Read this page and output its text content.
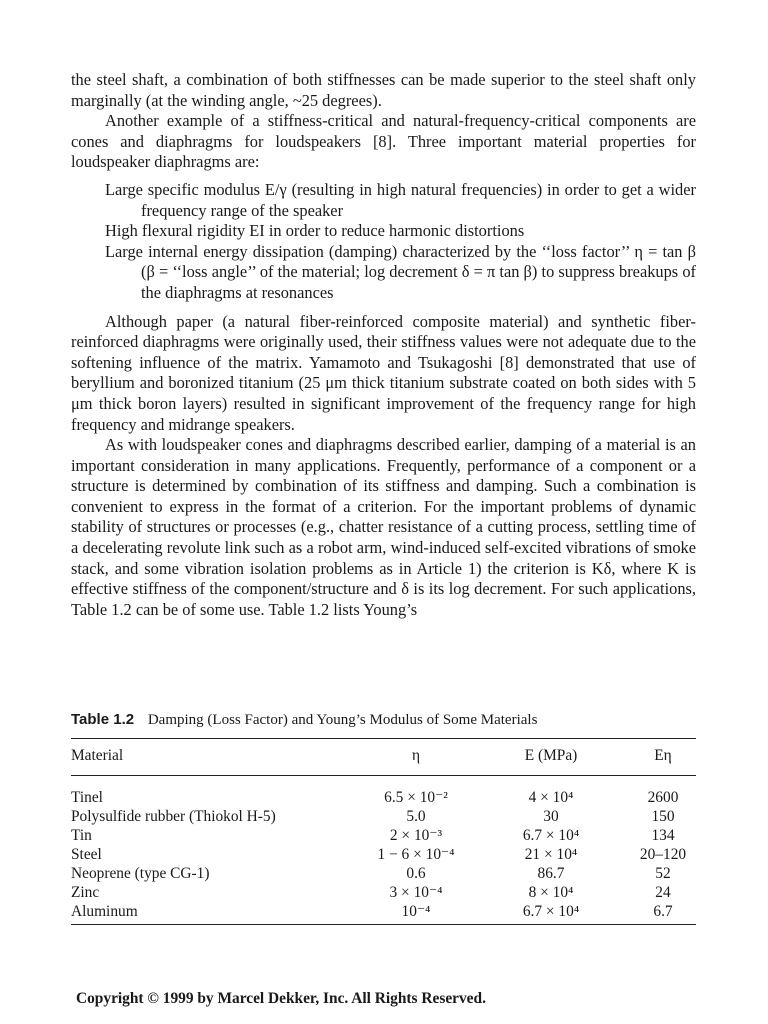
the steel shaft, a combination of both stiffnesses can be made superior to the steel shaft only marginally (at the winding angle, ~25 degrees).

Another example of a stiffness-critical and natural-frequency-critical components are cones and diaphragms for loudspeakers [8]. Three important material properties for loudspeaker diaphragms are:

Large specific modulus E/γ (resulting in high natural frequencies) in order to get a wider frequency range of the speaker
High flexural rigidity EI in order to reduce harmonic distortions
Large internal energy dissipation (damping) characterized by the ‘‘loss factor’’ η = tan β (β = ‘‘loss angle’’ of the material; log decrement δ = π tan β) to suppress breakups of the diaphragms at resonances

Although paper (a natural fiber-reinforced composite material) and synthetic fiber-reinforced diaphragms were originally used, their stiffness values were not adequate due to the softening influence of the matrix. Yamamoto and Tsukagoshi [8] demonstrated that use of beryllium and boronized titanium (25 μm thick titanium substrate coated on both sides with 5 μm thick boron layers) resulted in significant improvement of the frequency range for high frequency and midrange speakers.

As with loudspeaker cones and diaphragms described earlier, damping of a material is an important consideration in many applications. Frequently, performance of a component or a structure is determined by combination of its stiffness and damping. Such a combination is convenient to express in the format of a criterion. For the important problems of dynamic stability of structures or processes (e.g., chatter resistance of a cutting process, settling time of a decelerating revolute link such as a robot arm, wind-induced self-excited vibrations of smoke stack, and some vibration isolation problems as in Article 1) the criterion is Kδ, where K is effective stiffness of the component/structure and δ is its log decrement. For such applications, Table 1.2 can be of some use. Table 1.2 lists Young’s

Table 1.2 Damping (Loss Factor) and Young’s Modulus of Some Materials
Material	η	E (MPa)	Eη
Tinel	6.5 × 10⁻²	4 × 10⁴	2600
Polysulfide rubber (Thiokol H-5)	5.0	30	150
Tin	2 × 10⁻³	6.7 × 10⁴	134
Steel	1 − 6 × 10⁻⁴	21 × 10⁴	20–120
Neoprene (type CG-1)	0.6	86.7	52
Zinc	3 × 10⁻⁴	8 × 10⁴	24
Aluminum	10⁻⁴	6.7 × 10⁴	6.7
Copyright © 1999 by Marcel Dekker, Inc. All Rights Reserved.
